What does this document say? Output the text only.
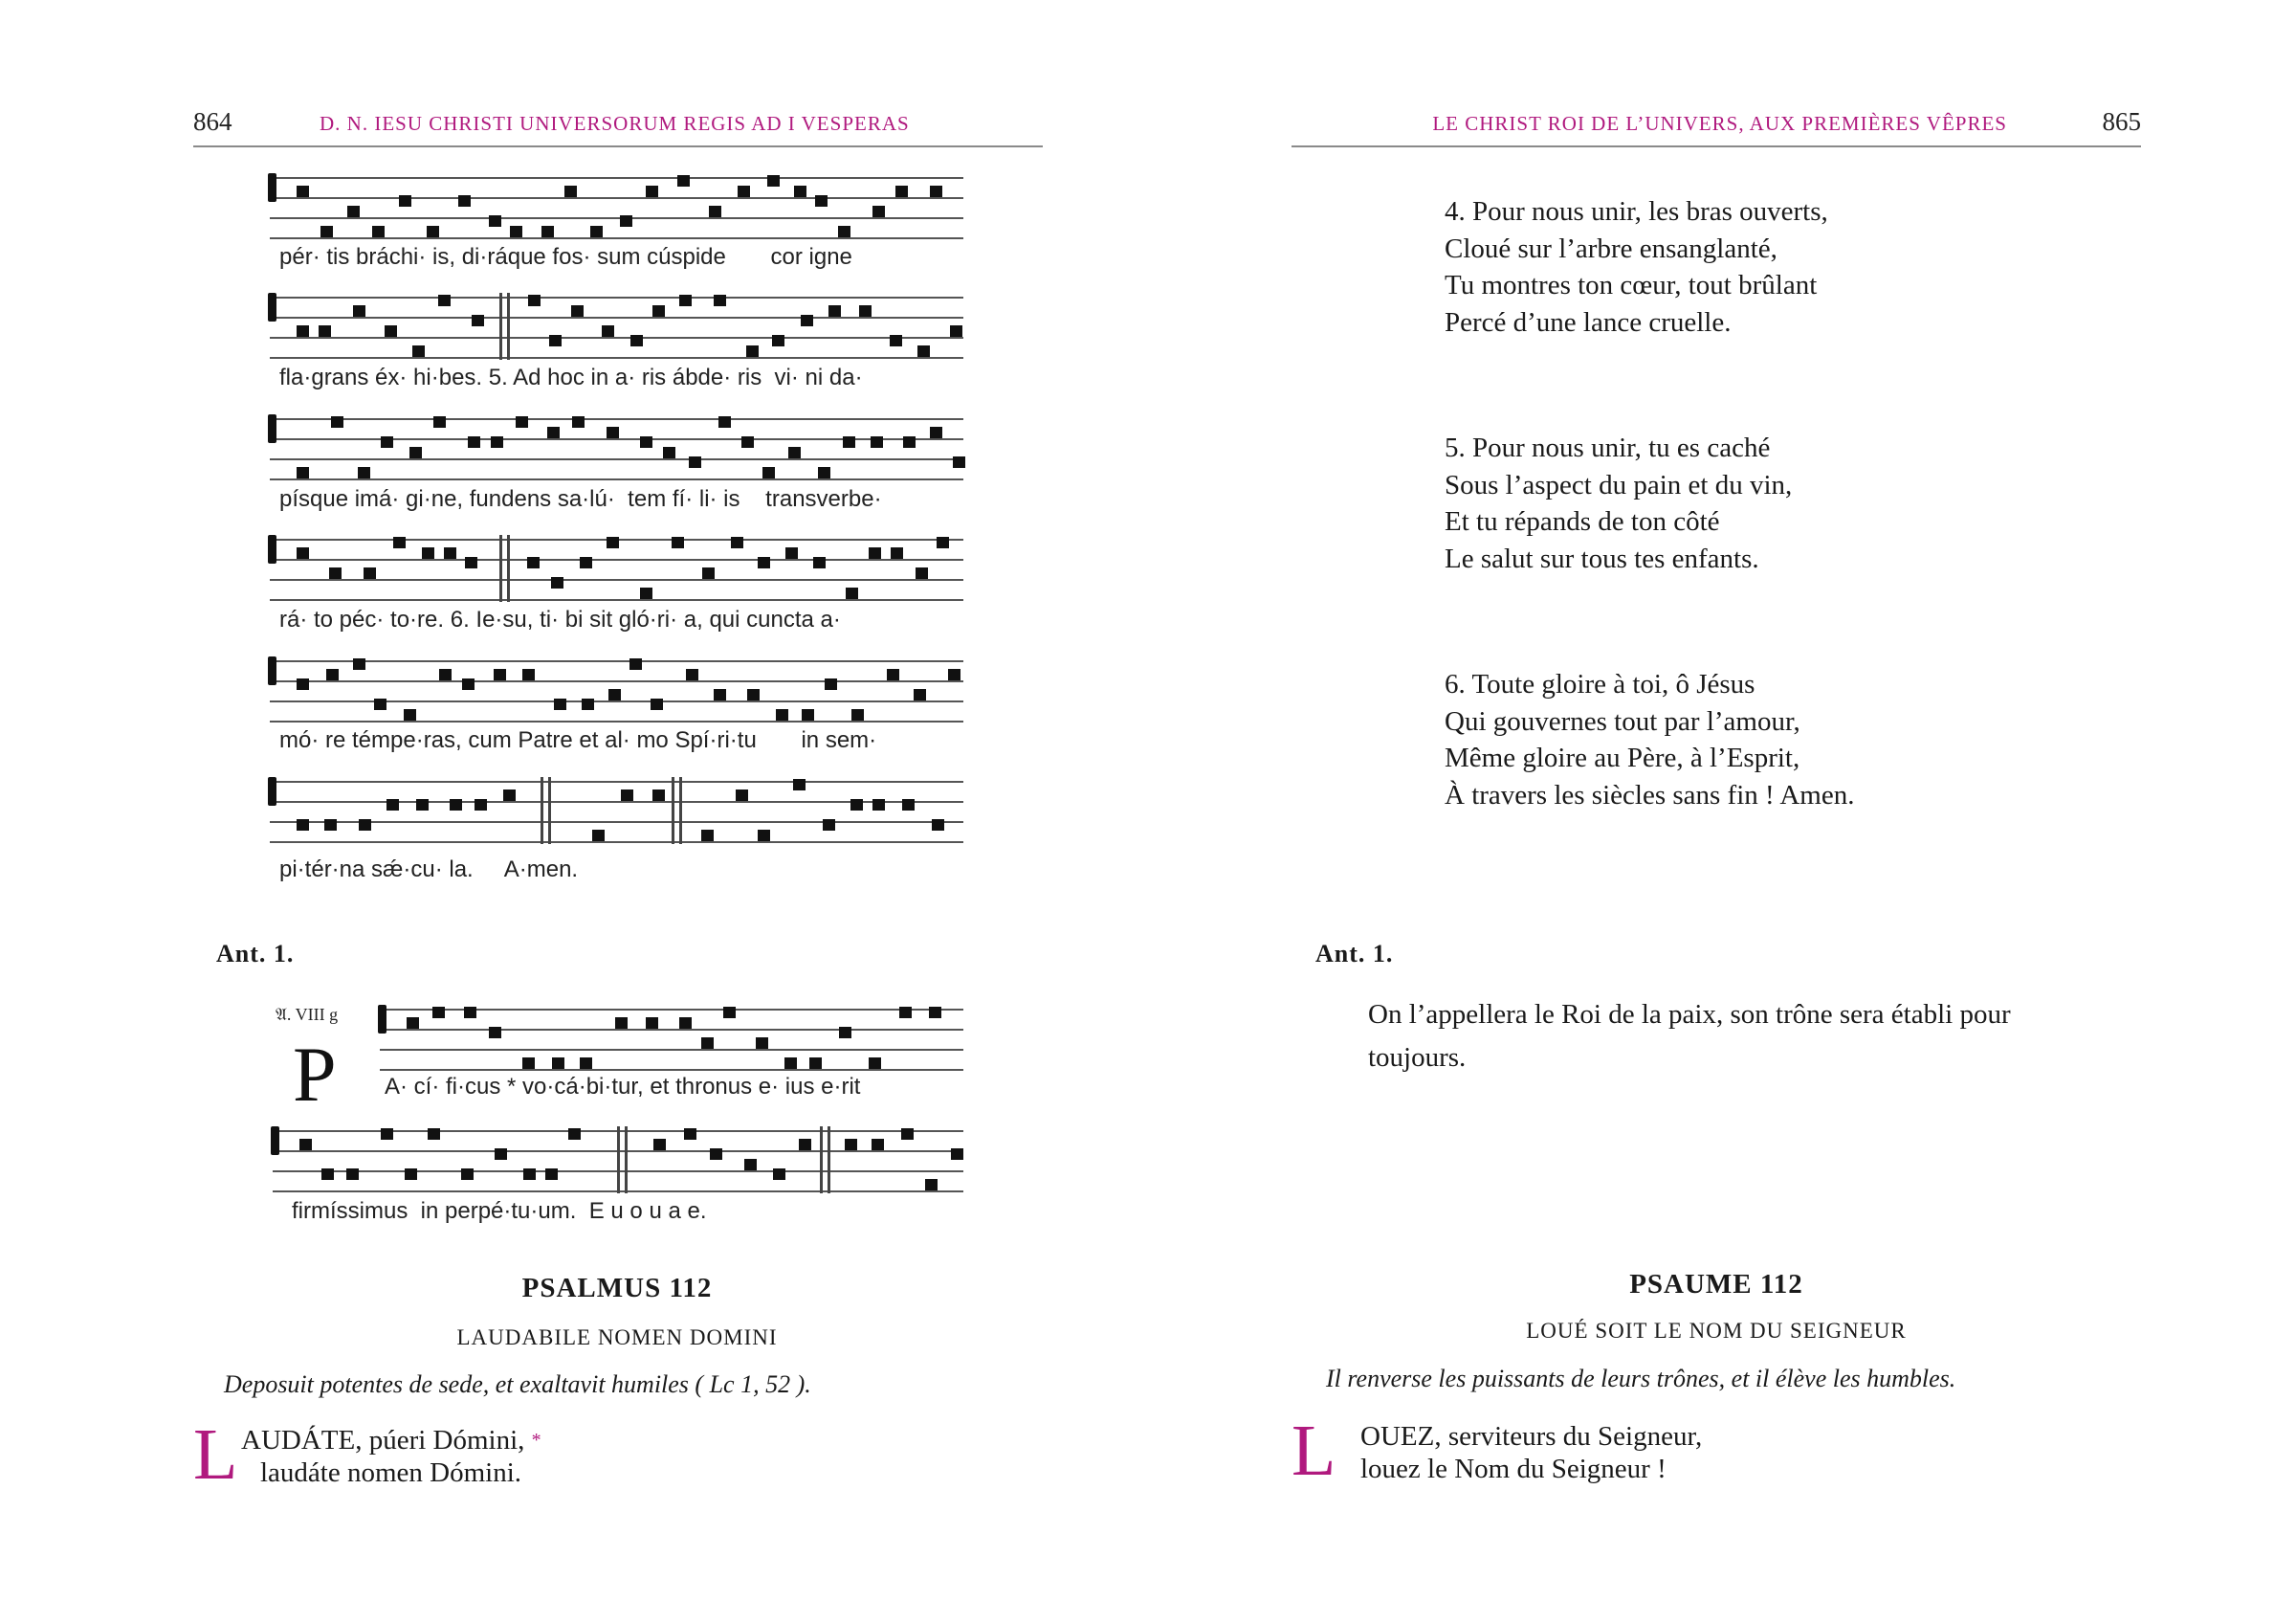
864	D. N. IESU CHRISTI UNIVERSORUM REGIS AD I VESPERAS
pér· tis bráchi· is, di·ráque fos· sum cúspide       cor igne
fla·grans éx· hi·bes. 5. Ad hoc in a· ris ábde· ris  vi· ni da·
písque imá· gi·ne, fundens sa·lú·  tem fí· li· is    transverbe·
rá· to péc· to·re. 6. Ie·su, ti· bi sit gló·ri· a, qui cuncta a·
mó· re témpe·ras, cum Patre et al· mo Spí·ri·tu       in sem·
pi·tér·na sǽ·cu· la.     A·men.
Ant. 1.
𝔄. VIII g
P A· cí· fi·cus * vo·cá·bi·tur, et thronus e· ius e·rit
firmíssimus  in perpé·tu·um.  E u o u a e.
PSALMUS 112
LAUDABILE NOMEN DOMINI
Deposuit potentes de sede, et exaltavit humiles ( Lc 1, 52 ).
L AUDÁTE, púeri Dómini, *
laudáte nomen Dómini.
LE CHRIST ROI DE L’UNIVERS, AUX PREMIÈRES VÊPRES	865
4. Pour nous unir, les bras ouverts,
Cloué sur l’arbre ensanglanté,
Tu montres ton cœur, tout brûlant
Percé d’une lance cruelle.
5. Pour nous unir, tu es caché
Sous l’aspect du pain et du vin,
Et tu répands de ton côté
Le salut sur tous tes enfants.
6. Toute gloire à toi, ô Jésus
Qui gouvernes tout par l’amour,
Même gloire au Père, à l’Esprit,
À travers les siècles sans fin ! Amen.
Ant. 1.
On l’appellera le Roi de la paix, son trône sera établi pour toujours.
PSAUME 112
LOUÉ SOIT LE NOM DU SEIGNEUR
Il renverse les puissants de leurs trônes, et il élève les humbles.
L OUEZ, serviteurs du Seigneur,
louez le Nom du Seigneur !
